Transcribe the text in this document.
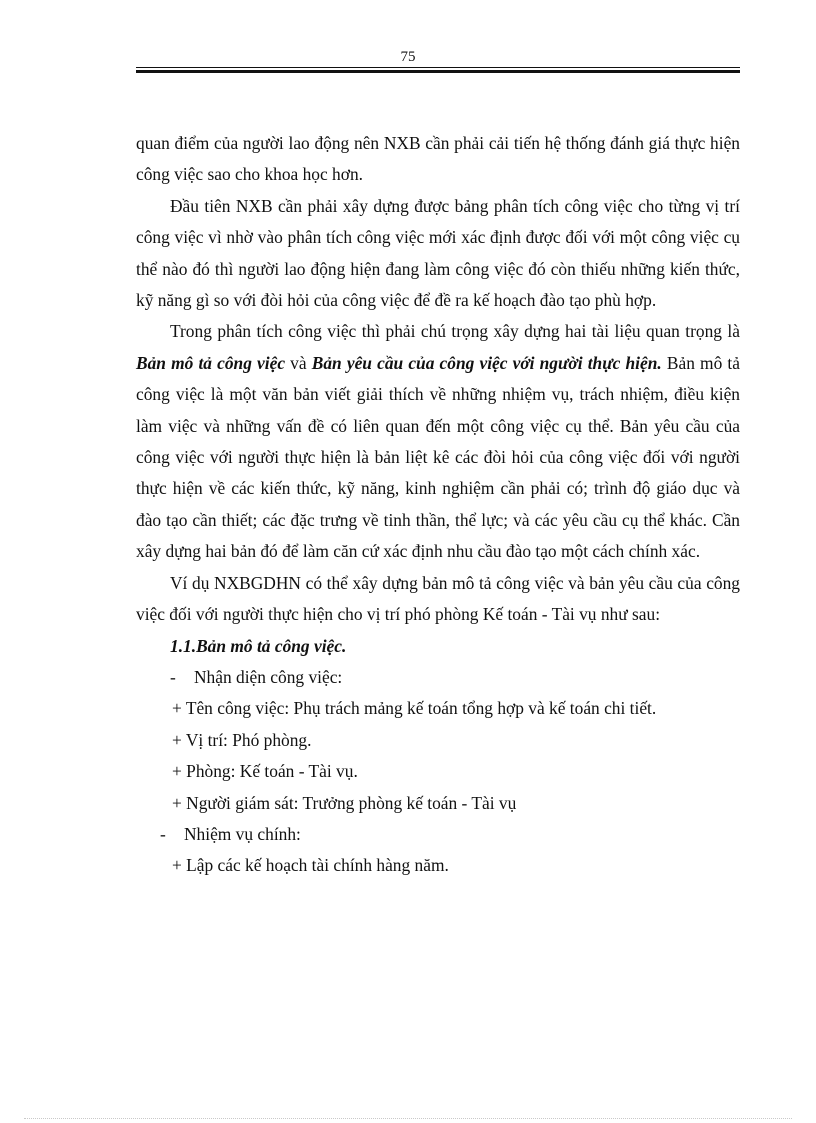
75

quan điểm của người lao động nên NXB cần phải cải tiến hệ thống đánh giá thực hiện công việc sao cho khoa học hơn.

Đầu tiên NXB cần phải xây dựng được bảng phân tích công việc cho từng vị trí công việc vì nhờ vào phân tích công việc mới xác định được đối với một công việc cụ thể nào đó thì người lao động hiện đang làm công việc đó còn thiếu những kiến thức, kỹ năng gì so với đòi hỏi của công việc để đề ra kế hoạch đào tạo phù hợp.

Trong phân tích công việc thì phải chú trọng xây dựng hai tài liệu quan trọng là Bản mô tả công việc và Bản yêu cầu của công việc với người thực hiện. Bản mô tả công việc là một văn bản viết giải thích về những nhiệm vụ, trách nhiệm, điều kiện làm việc và những vấn đề có liên quan đến một công việc cụ thể. Bản yêu cầu của công việc với người thực hiện là bản liệt kê các đòi hỏi của công việc đối với người thực hiện về các kiến thức, kỹ năng, kinh nghiệm cần phải có; trình độ giáo dục và đào tạo cần thiết; các đặc trưng về tinh thần, thể lực; và các yêu cầu cụ thể khác. Cần xây dựng hai bản đó để làm căn cứ xác định nhu cầu đào tạo một cách chính xác.

Ví dụ NXBGDHN có thể xây dựng bản mô tả công việc và bản yêu cầu của công việc đối với người thực hiện cho vị trí phó phòng Kế toán - Tài vụ như sau:

1.1.Bản mô tả công việc.

- Nhận diện công việc:

+ Tên công việc: Phụ trách mảng kế toán tổng hợp và kế toán chi tiết.

+ Vị trí: Phó phòng.

+ Phòng: Kế toán - Tài vụ.

+ Người giám sát: Trưởng phòng kế toán - Tài vụ

- Nhiệm vụ chính:

+ Lập các kế hoạch tài chính hàng năm.
